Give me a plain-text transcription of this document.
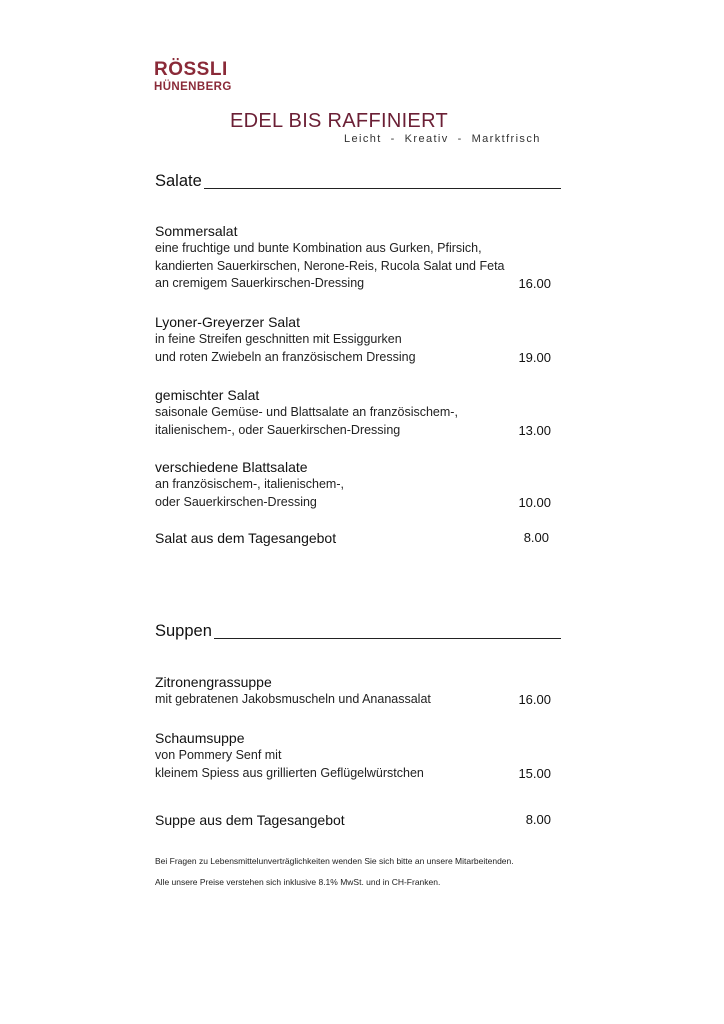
RÖSSLI
HÜNENBERG
EDEL BIS RAFFINIERT
Leicht  -  Kreativ  -  Marktfrisch
Salate
Sommersalat
eine fruchtige und bunte Kombination aus Gurken, Pfirsich,
kandierten Sauerkirschen, Nerone-Reis, Rucola Salat und Feta
an cremigem Sauerkirschen-Dressing	16.00
Lyoner-Greyerzer Salat
in feine Streifen geschnitten mit Essiggurken
und roten Zwiebeln an französischem Dressing	19.00
gemischter Salat
saisonale Gemüse- und Blattsalate an französischem-,
italienischem-, oder Sauerkirschen-Dressing	13.00
verschiedene Blattsalate
an französischem-, italienischem-,
oder Sauerkirschen-Dressing	10.00
Salat aus dem Tagesangebot	8.00
Suppen
Zitronengrassuppe
mit gebratenen Jakobsmuscheln und Ananassalat	16.00
Schaumsuppe
von Pommery Senf mit
kleinem Spiess aus grillierten Geflügelwürstchen	15.00
Suppe aus dem Tagesangebot	8.00
Bei Fragen zu Lebensmittelunverträglichkeiten wenden Sie sich bitte an unsere Mitarbeitenden.
Alle unsere Preise verstehen sich inklusive 8.1% MwSt. und in CH-Franken.
